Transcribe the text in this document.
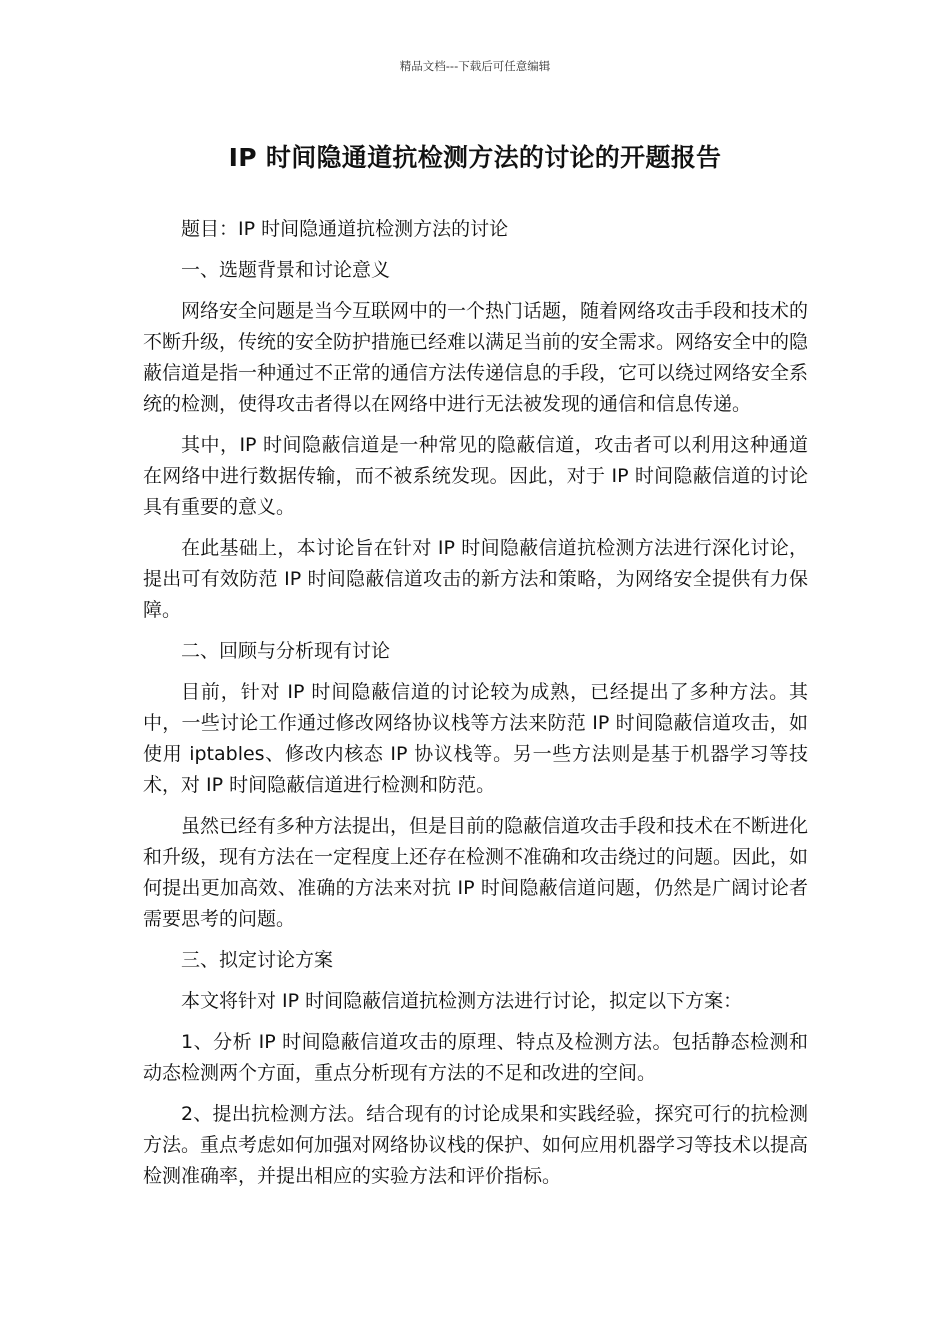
精品文档---下载后可任意编辑
IP 时间隐通道抗检测方法的讨论的开题报告

题目：IP 时间隐通道抗检测方法的讨论

一、选题背景和讨论意义

网络安全问题是当今互联网中的一个热门话题，随着网络攻击手段和技术的不断升级，传统的安全防护措施已经难以满足当前的安全需求。网络安全中的隐蔽信道是指一种通过不正常的通信方法传递信息的手段，它可以绕过网络安全系统的检测，使得攻击者得以在网络中进行无法被发现的通信和信息传递。

其中，IP 时间隐蔽信道是一种常见的隐蔽信道，攻击者可以利用这种通道在网络中进行数据传输，而不被系统发现。因此，对于 IP 时间隐蔽信道的讨论具有重要的意义。

在此基础上，本讨论旨在针对 IP 时间隐蔽信道抗检测方法进行深化讨论，提出可有效防范 IP 时间隐蔽信道攻击的新方法和策略，为网络安全提供有力保障。

二、回顾与分析现有讨论

目前，针对 IP 时间隐蔽信道的讨论较为成熟，已经提出了多种方法。其中，一些讨论工作通过修改网络协议栈等方法来防范 IP 时间隐蔽信道攻击，如使用 iptables、修改内核态 IP 协议栈等。另一些方法则是基于机器学习等技术，对 IP 时间隐蔽信道进行检测和防范。

虽然已经有多种方法提出，但是目前的隐蔽信道攻击手段和技术在不断进化和升级，现有方法在一定程度上还存在检测不准确和攻击绕过的问题。因此，如何提出更加高效、准确的方法来对抗 IP 时间隐蔽信道问题，仍然是广阔讨论者需要思考的问题。

三、拟定讨论方案

本文将针对 IP 时间隐蔽信道抗检测方法进行讨论，拟定以下方案：

1、分析 IP 时间隐蔽信道攻击的原理、特点及检测方法。包括静态检测和动态检测两个方面，重点分析现有方法的不足和改进的空间。

2、提出抗检测方法。结合现有的讨论成果和实践经验，探究可行的抗检测方法。重点考虑如何加强对网络协议栈的保护、如何应用机器学习等技术以提高检测准确率，并提出相应的实验方法和评价指标。
